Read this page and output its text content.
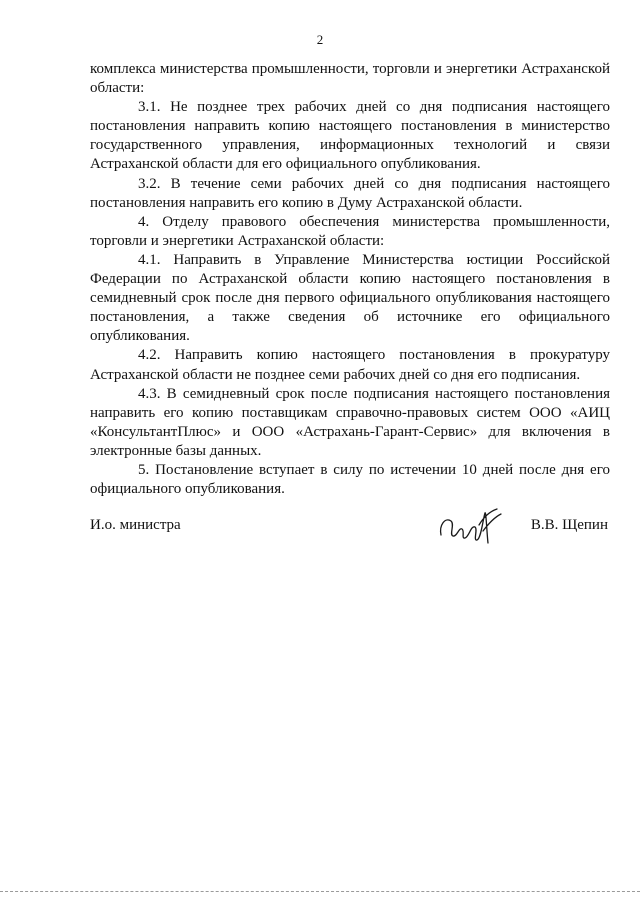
2

комплекса министерства промышленности, торговли и энергетики Астраханской области:

3.1. Не позднее трех рабочих дней со дня подписания настоящего постановления направить копию настоящего постановления в министерство государственного управления, информационных технологий и связи Астраханской области для его официального опубликования.

3.2. В течение семи рабочих дней со дня подписания настоящего постановления направить его копию в Думу Астраханской области.

4. Отделу правового обеспечения министерства промышленности, торговли и энергетики Астраханской области:

4.1. Направить в Управление Министерства юстиции Российской Федерации по Астраханской области копию настоящего постановления в семидневный срок после дня первого официального опубликования настоящего постановления, а также сведения об источнике его официального опубликования.

4.2. Направить копию настоящего постановления в прокуратуру Астраханской области не позднее семи рабочих дней со дня его подписания.

4.3. В семидневный срок после подписания настоящего постановления направить его копию поставщикам справочно-правовых систем ООО «АИЦ «КонсультантПлюс» и ООО «Астрахань-Гарант-Сервис» для включения в электронные базы данных.

5. Постановление вступает в силу по истечении 10 дней после дня его официального опубликования.

И.о. министра	В.В. Щепин
